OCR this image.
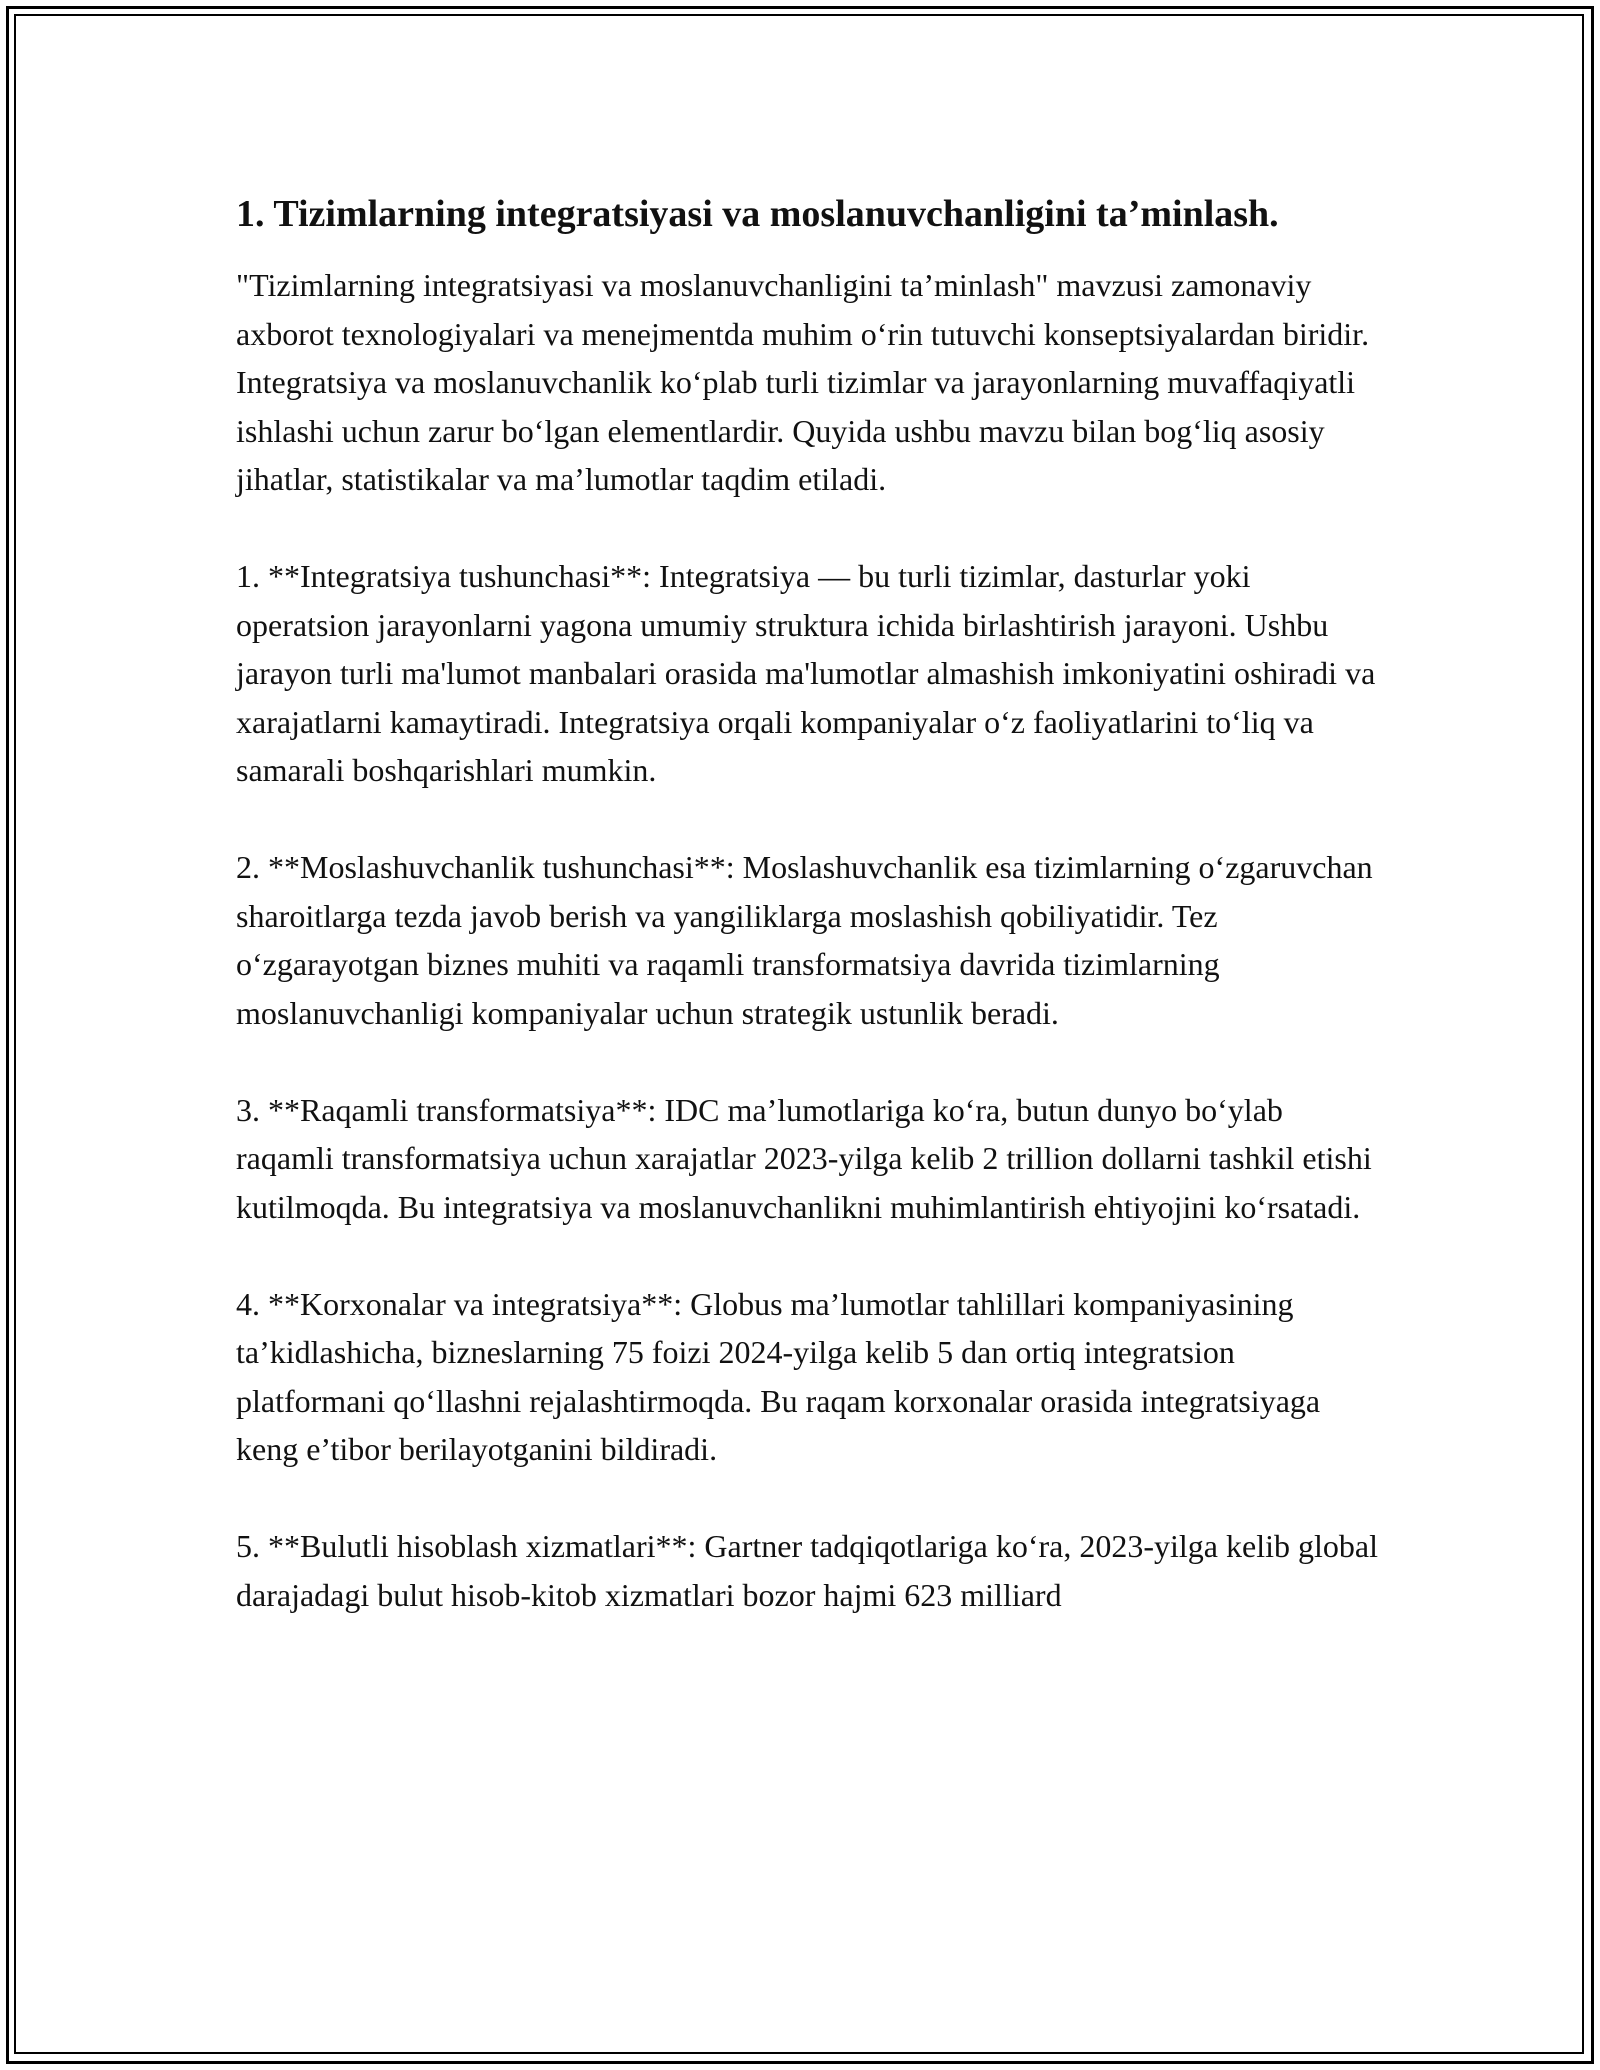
1. Tizimlarning integratsiyasi va moslanuvchanligini ta’minlash.

"Tizimlarning integratsiyasi va moslanuvchanligini ta’minlash" mavzusi zamonaviy axborot texnologiyalari va menejmentda muhim o‘rin tutuvchi konseptsiyalardan biridir. Integratsiya va moslanuvchanlik ko‘plab turli tizimlar va jarayonlarning muvaffaqiyatli ishlashi uchun zarur bo‘lgan elementlardir. Quyida ushbu mavzu bilan bog‘liq asosiy jihatlar, statistikalar va ma’lumotlar taqdim etiladi.

1. **Integratsiya tushunchasi**: Integratsiya — bu turli tizimlar, dasturlar yoki operatsion jarayonlarni yagona umumiy struktura ichida birlashtirish jarayoni. Ushbu jarayon turli ma'lumot manbalari orasida ma'lumotlar almashish imkoniyatini oshiradi va xarajatlarni kamaytiradi. Integratsiya orqali kompaniyalar o‘z faoliyatlarini to‘liq va samarali boshqarishlari mumkin.

2. **Moslashuvchanlik tushunchasi**: Moslashuvchanlik esa tizimlarning o‘zgaruvchan sharoitlarga tezda javob berish va yangiliklarga moslashish qobiliyatidir. Tez o‘zgarayotgan biznes muhiti va raqamli transformatsiya davrida tizimlarning moslanuvchanligi kompaniyalar uchun strategik ustunlik beradi.

3. **Raqamli transformatsiya**: IDC ma’lumotlariga ko‘ra, butun dunyo bo‘ylab raqamli transformatsiya uchun xarajatlar 2023-yilga kelib 2 trillion dollarni tashkil etishi kutilmoqda. Bu integratsiya va moslanuvchanlikni muhimlantirish ehtiyojini ko‘rsatadi.

4. **Korxonalar va integratsiya**: Globus ma’lumotlar tahlillari kompaniyasining ta’kidlashicha, bizneslarning 75 foizi 2024-yilga kelib 5 dan ortiq integratsion platformani qo‘llashni rejalashtirmoqda. Bu raqam korxonalar orasida integratsiyaga keng e’tibor berilayotganini bildiradi.

5. **Bulutli hisoblash xizmatlari**: Gartner tadqiqotlariga ko‘ra, 2023-yilga kelib global darajadagi bulut hisob-kitob xizmatlari bozor hajmi 623 milliard
